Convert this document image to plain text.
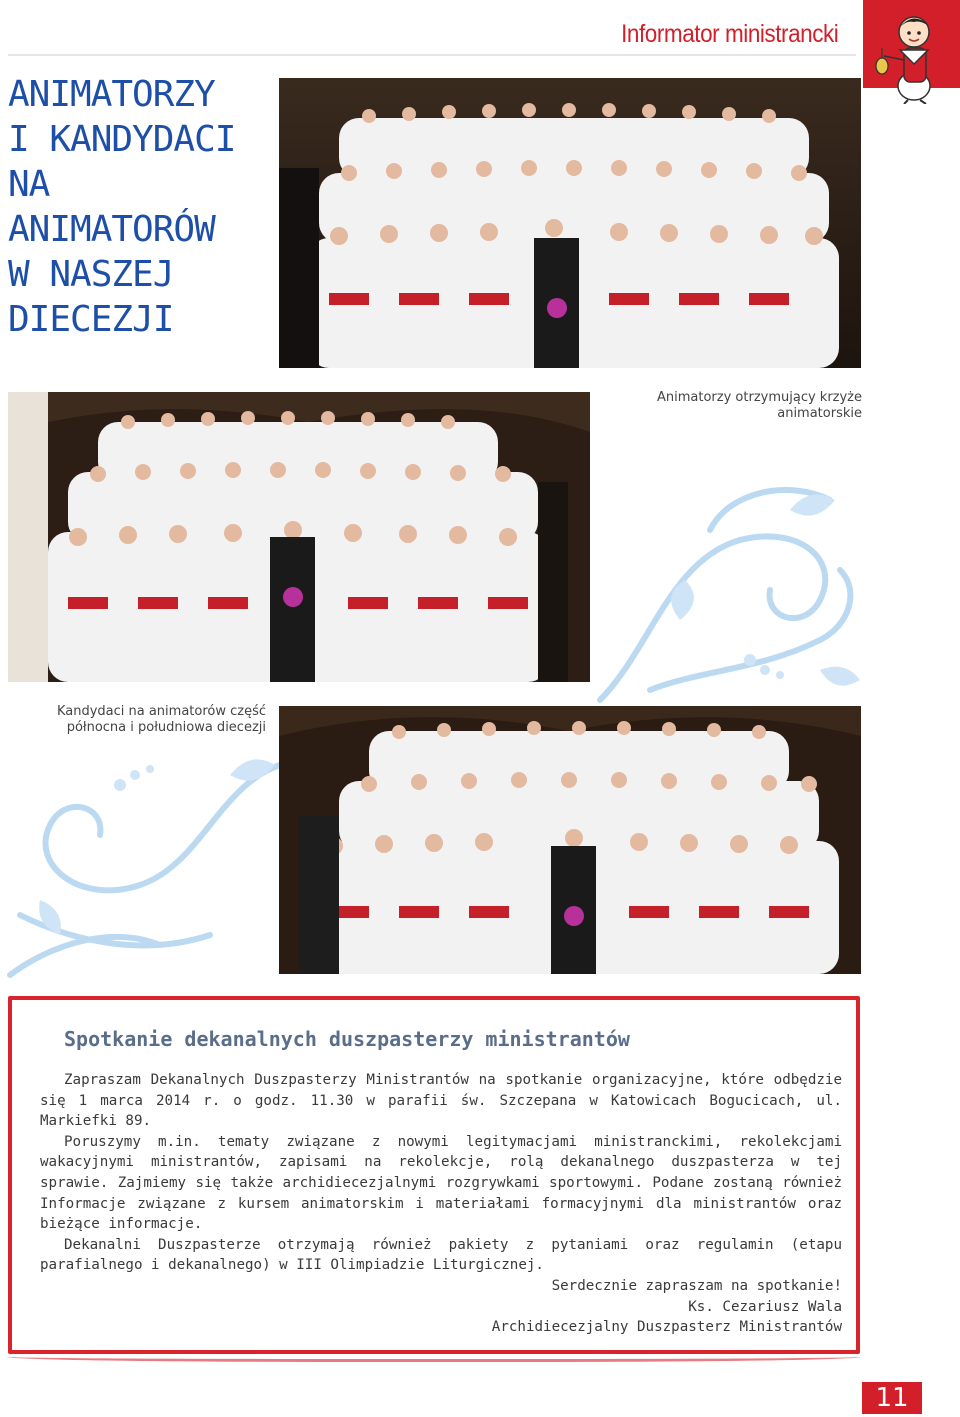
Informator ministrancki
ANIMATORZY
I KANDYDACI
NA
ANIMATORÓW
W NASZEJ
DIECEZJI
Animatorzy otrzymujący krzyże
animatorskie
Kandydaci na animatorów część
północna i południowa diecezji
Spotkanie dekanalnych duszpasterzy ministrantów

Zapraszam Dekanalnych Duszpasterzy Ministrantów na spotkanie organizacyjne, które odbędzie się 1 marca 2014 r. o godz. 11.30 w parafii św. Szczepana w Katowicach Bogucicach, ul. Markiefki 89.

Poruszymy m.in. tematy związane z nowymi legitymacjami ministranckimi, rekolekcjami wakacyjnymi ministrantów, zapisami na rekolekcje, rolą dekanalnego duszpasterza w tej sprawie. Zajmiemy się także archidiecezjalnymi rozgrywkami sportowymi. Podane zostaną również Informacje związane z kursem animatorskim i materiałami formacyjnymi dla ministrantów oraz bieżące informacje.

Dekanalni Duszpasterze otrzymają również pakiety z pytaniami oraz regulamin (etapu parafialnego i dekanalnego) w III Olimpiadzie Liturgicznej.

Serdecznie zapraszam na spotkanie!

Ks. Cezariusz Wala

Archidiecezjalny Duszpasterz Ministrantów

11
